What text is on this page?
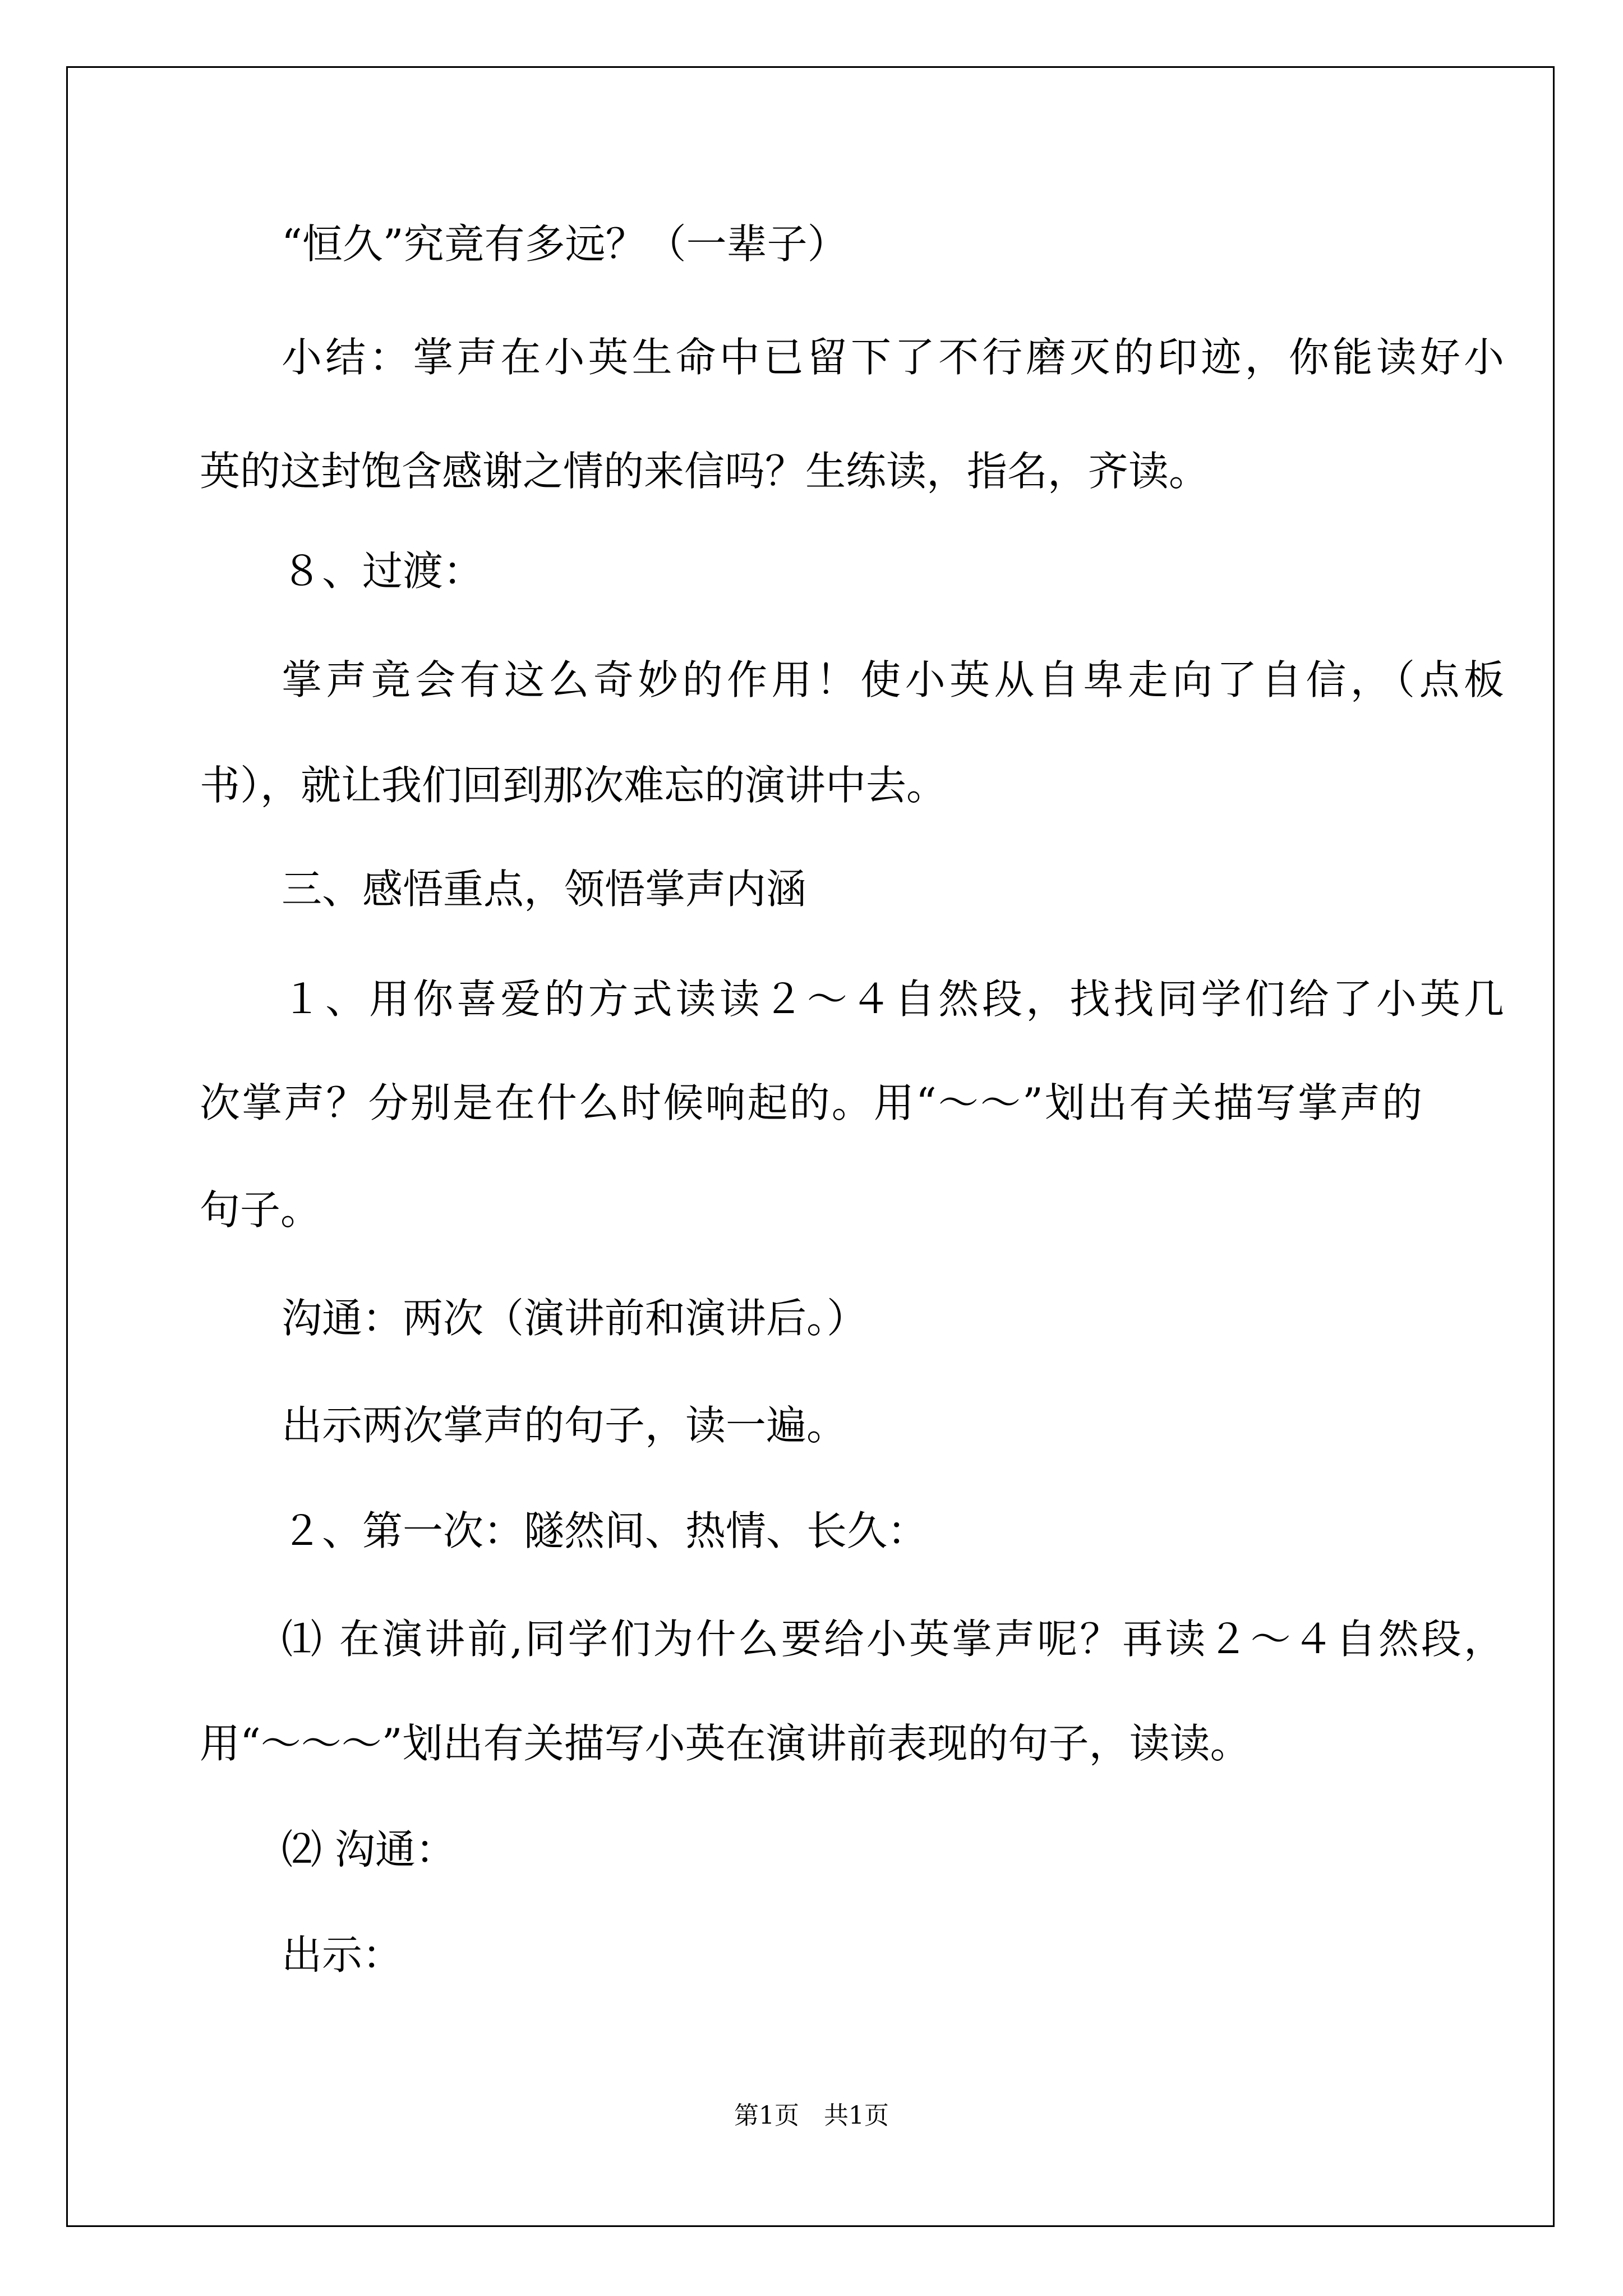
“恒久”究竟有多远？（一辈子）
小结：掌声在小英生命中已留下了不行磨灭的印迹，你能读好小
英的这封饱含感谢之情的来信吗？生练读，指名，齐读。
８、过渡：
掌声竟会有这么奇妙的作用！使小英从自卑走向了自信，（点板
书），就让我们回到那次难忘的演讲中去。
三、感悟重点，领悟掌声内涵
１、用你喜爱的方式读读２～４自然段，找找同学们给了小英几
次掌声？分别是在什么时候响起的。用“～～”划出有关描写掌声的
句子。
沟通：两次（演讲前和演讲后。）
出示两次掌声的句子，读一遍。
２、第一次：隧然间、热情、长久：
⑴ 在演讲前,同学们为什么要给小英掌声呢？再读２～４自然段，
用“～～～”划出有关描写小英在演讲前表现的句子，读读。
⑵ 沟通：
出示：
第1页　共1页
